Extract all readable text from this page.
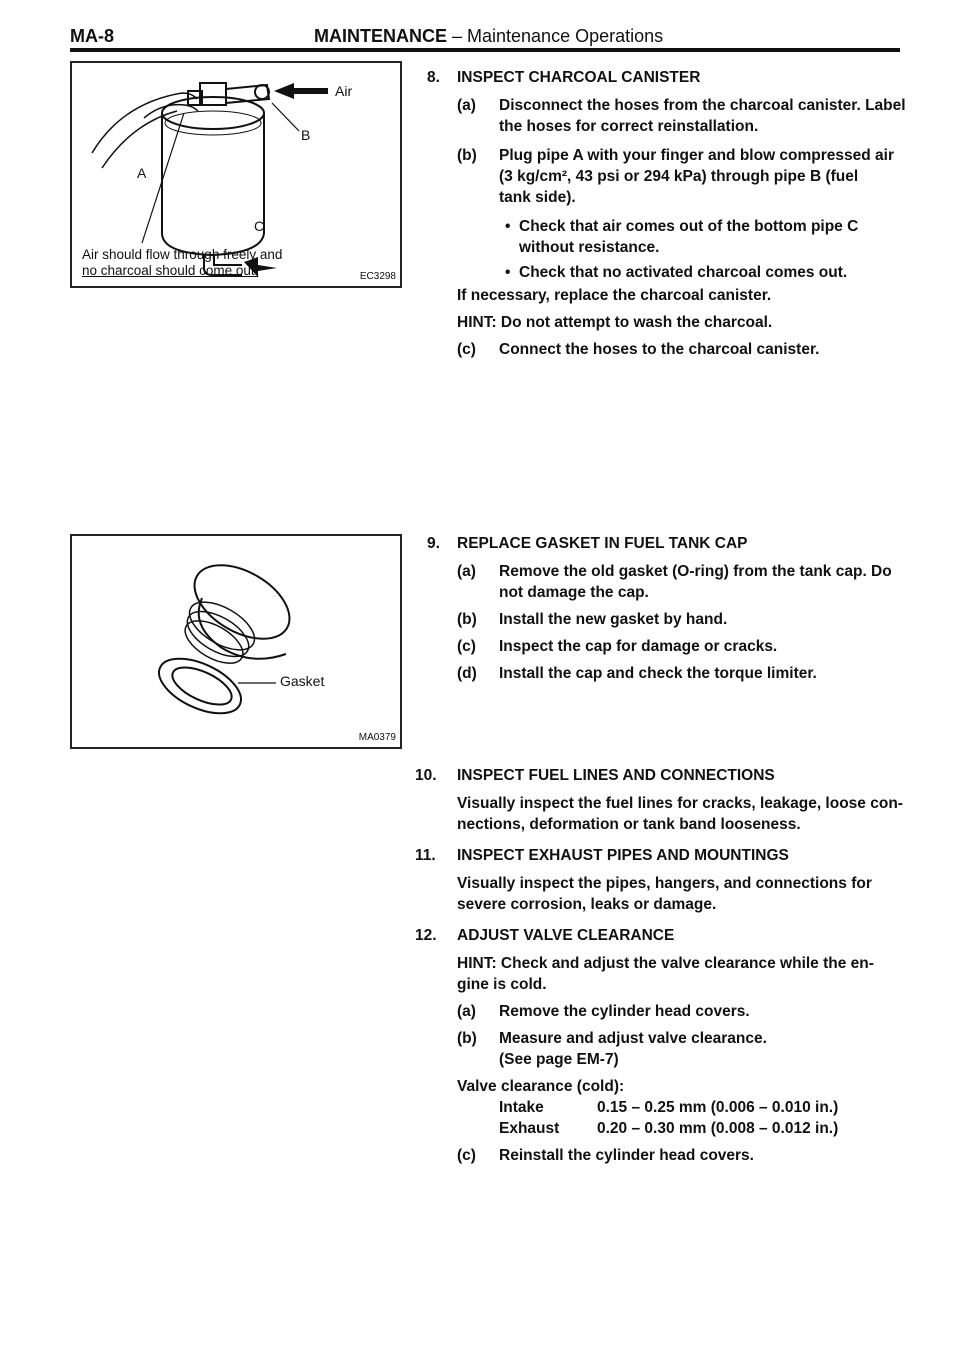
MA-8	MAINTENANCE – Maintenance Operations
Air
B
A
C
Air should flow through freely and
no charcoal should come out.	EC3298
Gasket
MA0379
8.	INSPECT CHARCOAL CANISTER
(a) Disconnect the hoses from the charcoal canister. Label
the hoses for correct reinstallation.
(b) Plug pipe A with your finger and blow compressed air
(3 kg/cm², 43 psi or 294 kPa) through pipe B (fuel
tank side).
• Check that air comes out of the bottom pipe C
without resistance.
• Check that no activated charcoal comes out.
If necessary, replace the charcoal canister.
HINT: Do not attempt to wash the charcoal.
(c) Connect the hoses to the charcoal canister.
9.	REPLACE GASKET IN FUEL TANK CAP
(a) Remove the old gasket (O-ring) from the tank cap. Do
not damage the cap.
(b) Install the new gasket by hand.
(c) Inspect the cap for damage or cracks.
(d) Install the cap and check the torque limiter.
10.	INSPECT FUEL LINES AND CONNECTIONS
Visually inspect the fuel lines for cracks, leakage, loose con-
nections, deformation or tank band looseness.
11.	INSPECT EXHAUST PIPES AND MOUNTINGS
Visually inspect the pipes, hangers, and connections for
severe corrosion, leaks or damage.
12.	ADJUST VALVE CLEARANCE
HINT: Check and adjust the valve clearance while the en-
gine is cold.
(a) Remove the cylinder head covers.
(b) Measure and adjust valve clearance.
(See page EM-7)
Valve clearance (cold):
Intake	0.15 – 0.25 mm (0.006 – 0.010 in.)
Exhaust 0.20 – 0.30 mm (0.008 – 0.012 in.)
(c) Reinstall the cylinder head covers.
